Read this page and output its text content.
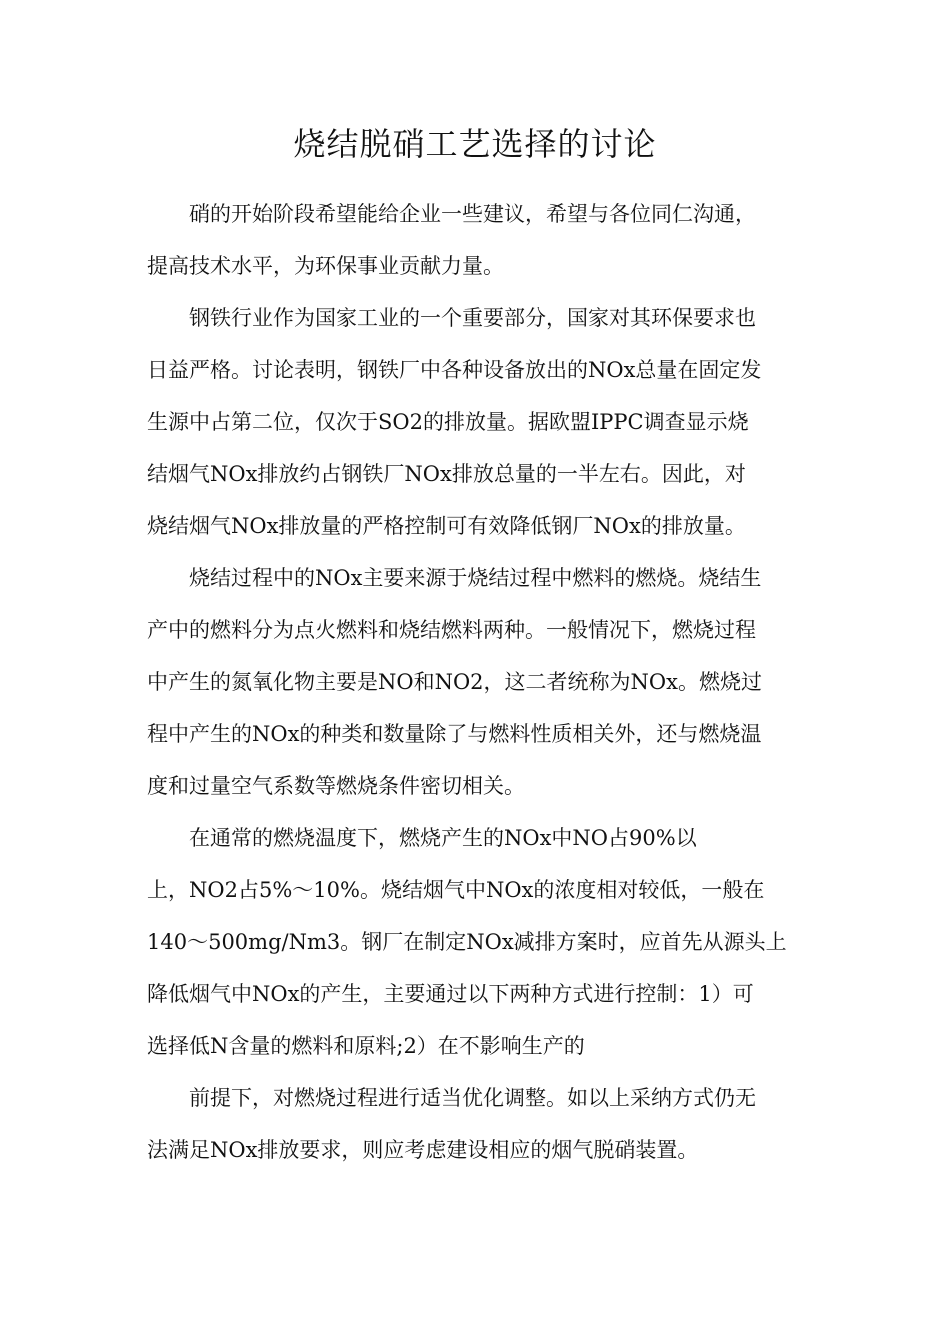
烧结脱硝工艺选择的讨论

硝的开始阶段希望能给企业一些建议，希望与各位同仁沟通，
提高技术水平，为环保事业贡献力量。

钢铁行业作为国家工业的一个重要部分，国家对其环保要求也
日益严格。讨论表明，钢铁厂中各种设备放出的NOx总量在固定发
生源中占第二位，仅次于SO2的排放量。据欧盟IPPC调查显示烧
结烟气NOx排放约占钢铁厂NOx排放总量的一半左右。因此，对
烧结烟气NOx排放量的严格控制可有效降低钢厂NOx的排放量。

烧结过程中的NOx主要来源于烧结过程中燃料的燃烧。烧结生
产中的燃料分为点火燃料和烧结燃料两种。一般情况下，燃烧过程
中产生的氮氧化物主要是NO和NO2，这二者统称为NOx。燃烧过
程中产生的NOx的种类和数量除了与燃料性质相关外，还与燃烧温
度和过量空气系数等燃烧条件密切相关。

在通常的燃烧温度下，燃烧产生的NOx中NO占90%以
上，NO2占5%～10%。烧结烟气中NOx的浓度相对较低，一般在
140～500mg/Nm3。钢厂在制定NOx减排方案时，应首先从源头上
降低烟气中NOx的产生，主要通过以下两种方式进行控制：1）可
选择低N含量的燃料和原料;2）在不影响生产的

前提下，对燃烧过程进行适当优化调整。如以上采纳方式仍无
法满足NOx排放要求，则应考虑建设相应的烟气脱硝装置。
